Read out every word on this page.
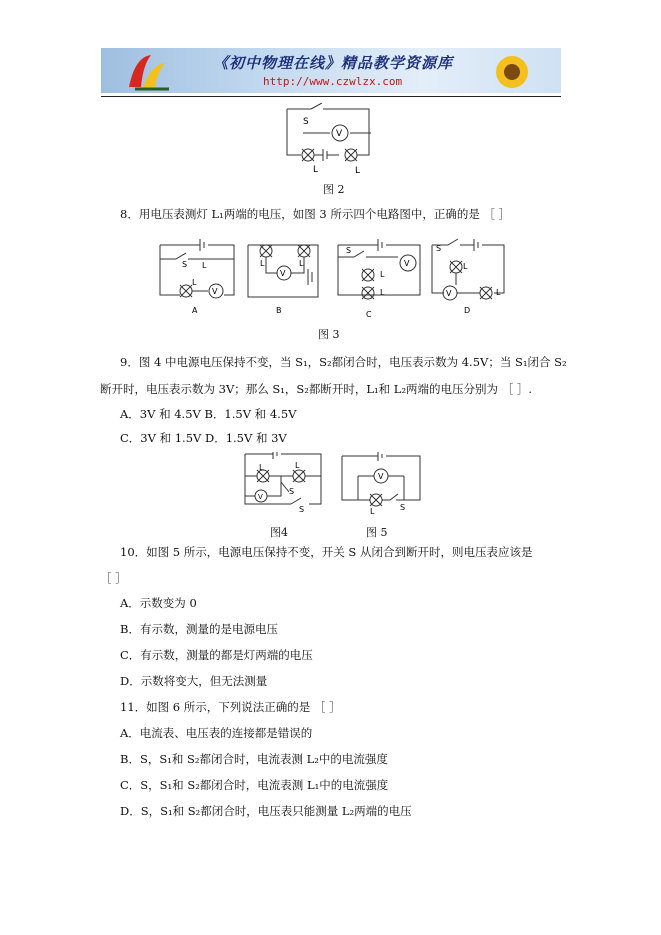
《初中物理在线》精品教学资源库
http://www.czwlzx.com
S
V
L	L
图 2
8．用电压表测灯 L₁两端的电压，如图 3 所示四个电路图中，正确的是 ［ ］
S L
L
V
L
V
L
S
V
L
L
S
L
V	L
A	B	C	D
图 3
9．图 4 中电源电压保持不变，当 S₁，S₂都闭合时，电压表示数为 4.5V；当 S₁闭合 S₂
断开时，电压表示数为 3V；那么 S₁，S₂都断开时，L₁和 L₂两端的电压分别为 ［ ］.
A．3V 和 4.5V B．1.5V 和 4.5V
C．3V 和 1.5V D．1.5V 和 3V
L	L
V
S
S
图4
V
L	S
图 5
10．如图 5 所示，电源电压保持不变，开关 S 从闭合到断开时，则电压表应该是
［ ］
A．示数变为 0
B．有示数，测量的是电源电压
C．有示数，测量的都是灯两端的电压
D．示数将变大，但无法测量
11．如图 6 所示，下列说法正确的是 ［ ］
A．电流表、电压表的连接都是错误的
B．S，S₁和 S₂都闭合时，电流表测 L₂中的电流强度
C．S，S₁和 S₂都闭合时，电流表测 L₁中的电流强度
D．S，S₁和 S₂都闭合时，电压表只能测量 L₂两端的电压
